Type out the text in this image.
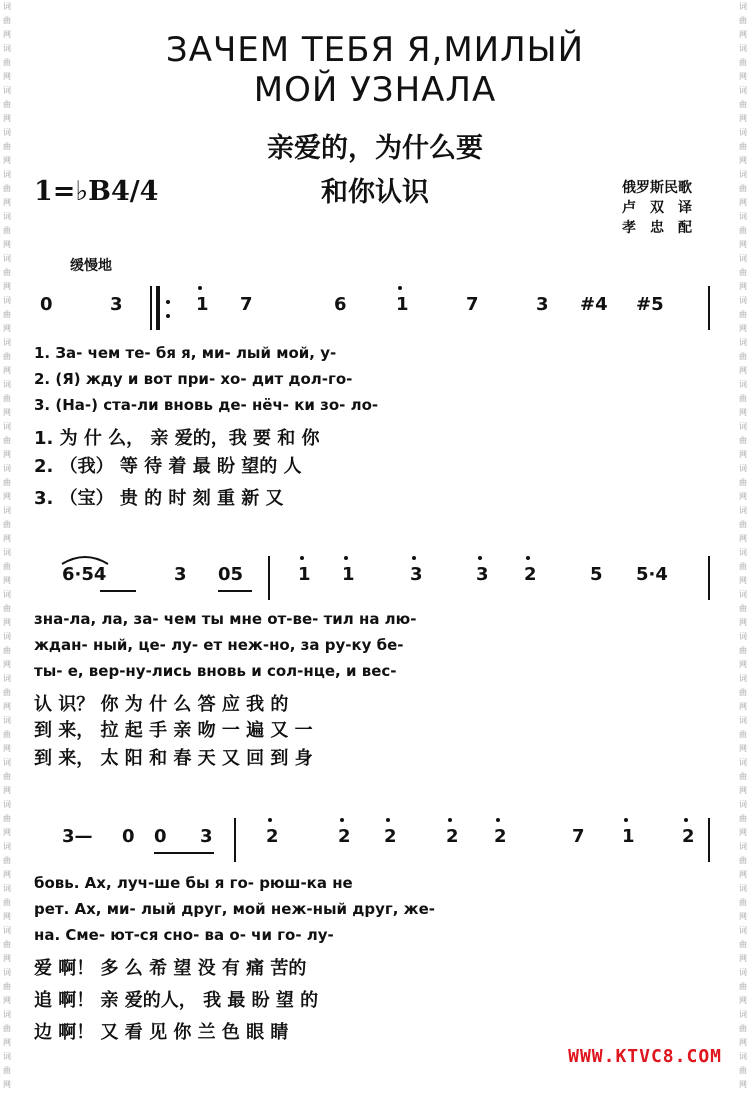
词
曲
网
词
曲
网
词
曲
网
词
曲
网
词
曲
网
词
曲
网
词
曲
网
词
曲
网
词
曲
网
词
曲
网
词
曲
网
词
曲
网
词
曲
网
词
曲
网
词
曲
网
词
曲
网
词
曲
网
词
曲
网
词
曲
网
词
曲
网
词
曲
网
词
曲
网
词
曲
网
词
曲
网
词
曲
网
词
曲
网
词
曲
网
词
曲
网
词
曲
网
词
曲
网
词
曲
网
词
曲
网
词
曲
网
词
曲
网
词
曲
网
词
曲
网
词
曲
网
词
曲
网
词
曲
网
词
曲
网
词
曲
网
词
曲
网
词
曲
网
词
曲
网
词
曲
网
词
曲
网
词
曲
网
词
曲
网
词
曲
网
词
曲
网
词
曲
网
词
曲
网
ЗАЧЕМ ТЕБЯ Я,МИЛЫЙ
МОЙ УЗНАЛА
亲爱的，为什么要
和你认识
1=♭B4/4	俄罗斯民歌
卢　双　译
孝　忠　配
缓慢地
0	3	1 7	6	1	7	3 #4 #5
1. За- чем те- бя я, ми- лый мой, у-
2. (Я) жду и вот при- хо- дит дол-го-
3. (На-) ста-ли вновь де- нёч- ки зо- ло-
1. 为 什 么， 亲 爱的，我 要 和 你
2. （我） 等 待 着 最 盼 望的 人
3. （宝） 贵 的 时 刻 重 新 又
6·54	3 05	1 1	3	3 2	5 5·4
зна-ла, ла, за- чем ты мне от-ве- тил на лю-
ждан- ный, це- лу- ет неж-но, за ру-ку бе-
ты- е, вер-ну-лись вновь и сол-нце, и вес-
认 识？ 你 为 什 么 答 应 我 的
到 来， 拉 起 手 亲 吻 一 遍 又 一
到 来， 太 阳 和 春 天 又 回 到 身
3— 0 0 3	2	2 2	2 2	7 1	2
бовь. Ах, луч-ше бы я го- рюш-ка не
рет. Ах, ми- лый друг, мой неж-ный друг, же-
на. Сме- ют-ся сно- ва о- чи го- лу-
爱 啊！ 多 么 希 望 没 有 痛 苦的
追 啊！ 亲 爱的人， 我 最 盼 望 的
边 啊！ 又 看 见 你 兰 色 眼 睛
WWW.KTVC8.COM
